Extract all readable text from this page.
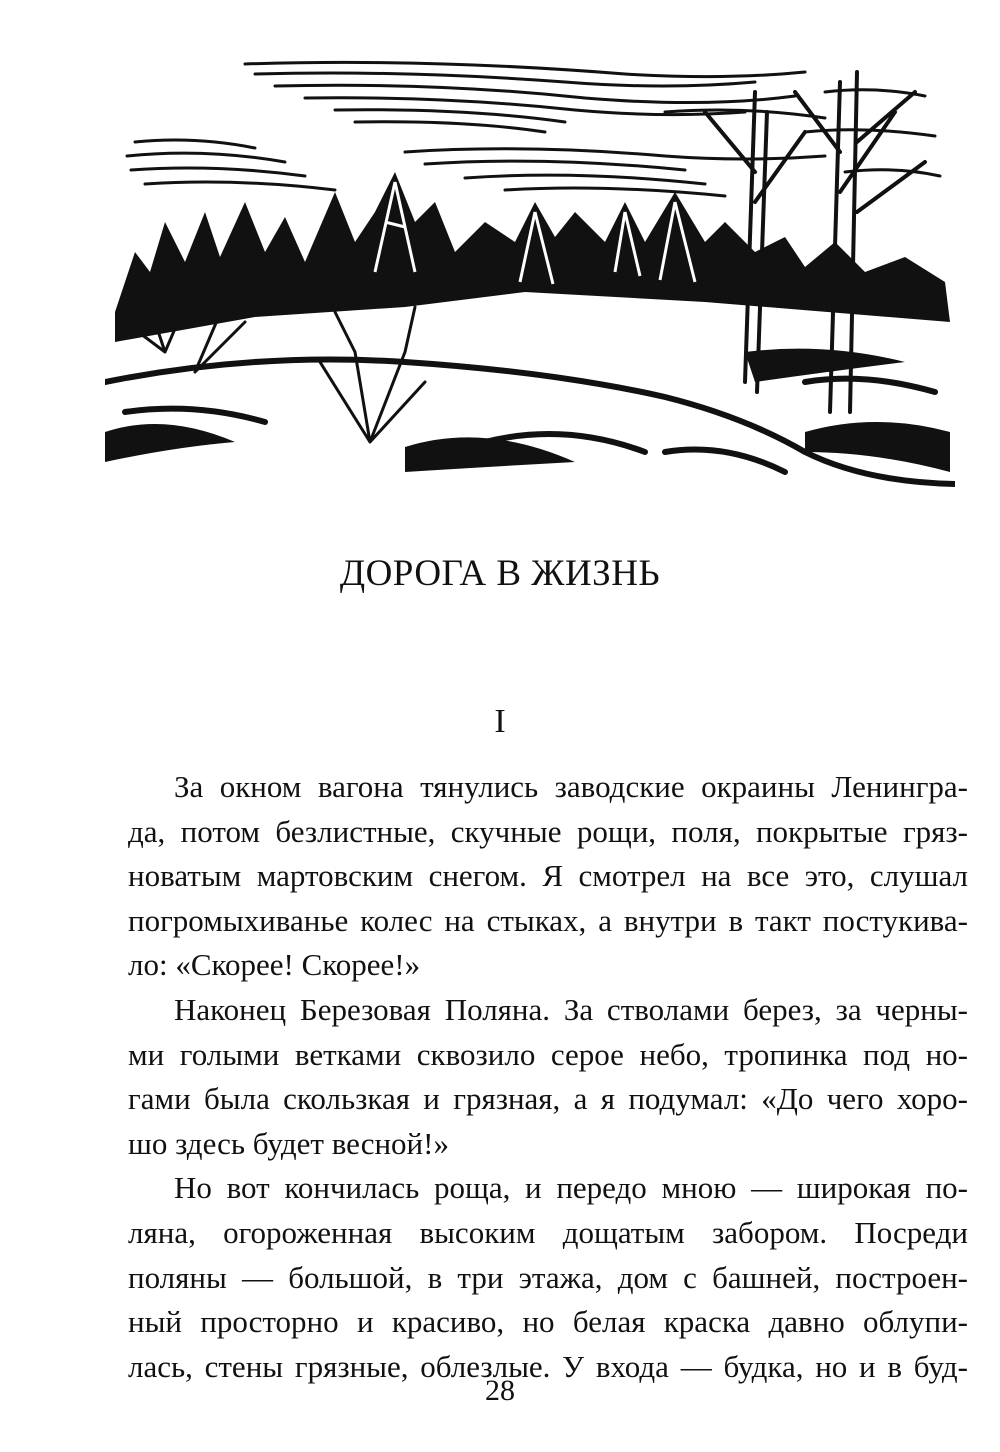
ДОРОГА В ЖИЗНЬ
I
За окном вагона тянулись заводские окраины Ленингра-
да, потом безлистные, скучные рощи, поля, покрытые гряз-
новатым мартовским снегом. Я смотрел на все это, слушал
погромыхиванье колес на стыках, а внутри в такт постукива-
ло: «Скорее! Скорее!»
Наконец Березовая Поляна. За стволами берез, за черны-
ми голыми ветками сквозило серое небо, тропинка под но-
гами была скользкая и грязная, а я подумал: «До чего хоро-
шо здесь будет весной!»
Но вот кончилась роща, и передо мною — широкая по-
ляна, огороженная высоким дощатым забором. Посреди
поляны — большой, в три этажа, дом с башней, построен-
ный просторно и красиво, но белая краска давно облупи-
лась, стены грязные, облезлые. У входа — будка, но и в буд-
28
